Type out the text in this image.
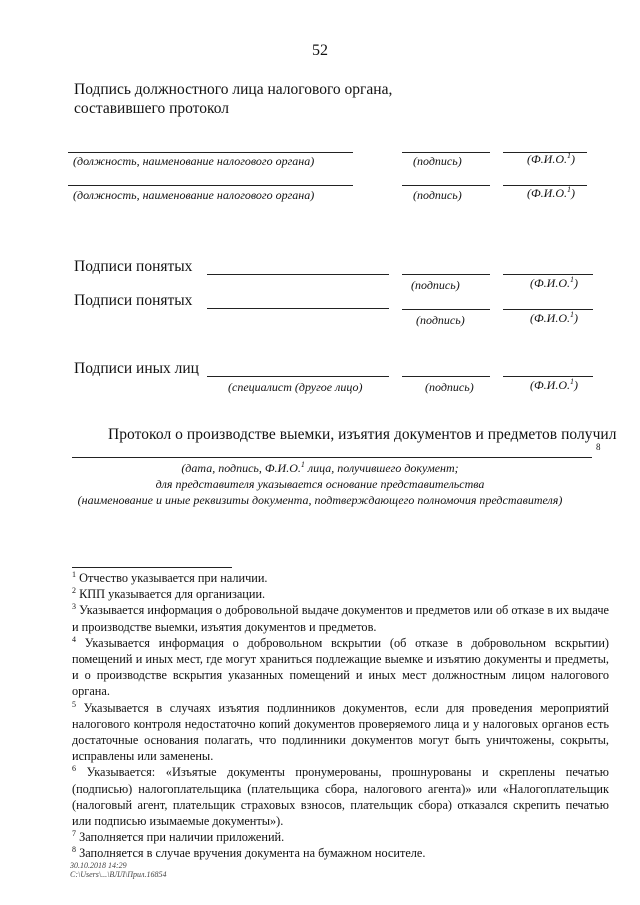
52
Подпись должностного лица налогового органа, составившего протокол
(должность, наименование налогового органа)	(подпись)	(Ф.И.О.$^1$)
(должность, наименование налогового органа)	(подпись)	(Ф.И.О.$^1$)
Подписи понятых
(подпись)	(Ф.И.О.$^1$)
Подписи понятых
(подпись)	(Ф.И.О.$^1$)
Подписи иных лиц
(специалист (другое лицо)	(подпись)	(Ф.И.О.$^1$)
Протокол о производстве выемки, изъятия документов и предметов получил
8
(дата, подпись, Ф.И.О.$^1$ лица, получившего документ;
для представителя указывается основание представительства
(наименование и иные реквизиты документа, подтверждающего полномочия представителя)
$^1$ Отчество указывается при наличии.
$^2$ КПП указывается для организации.
$^3$ Указывается информация о добровольной выдаче документов и предметов или об отказе в их выдаче и производстве выемки, изъятия документов и предметов.
$^4$ Указывается информация о добровольном вскрытии (об отказе в добровольном вскрытии) помещений и иных мест, где могут храниться подлежащие выемке и изъятию документы и предметы, и о производстве вскрытия указанных помещений и иных мест должностным лицом налогового органа.
$^5$ Указывается в случаях изъятия подлинников документов, если для проведения мероприятий налогового контроля недостаточно копий документов проверяемого лица и у налоговых органов есть достаточные основания полагать, что подлинники документов могут быть уничтожены, сокрыты, исправлены или заменены.
$^6$ Указывается: «Изъятые документы пронумерованы, прошнурованы и скреплены печатью (подписью) налогоплательщика (плательщика сбора, налогового агента)» или «Налогоплательщик (налоговый агент, плательщик страховых взносов, плательщик сбора) отказался скрепить печатью или подписью изымаемые документы»).
$^7$ Заполняется при наличии приложений.
$^8$ Заполняется в случае вручения документа на бумажном носителе.
30.10.2018 14:29
С:\Users\...\ВЛЛ\Прил.16854
